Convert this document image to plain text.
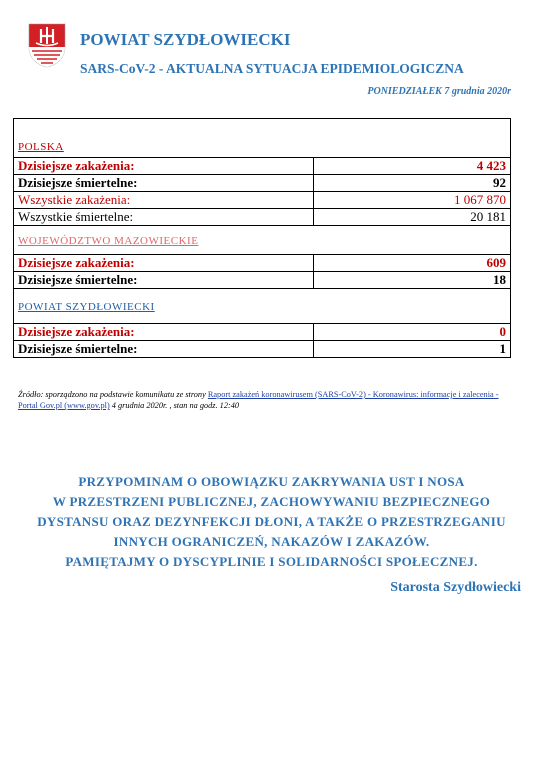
POWIAT SZYDŁOWIECKI
SARS-CoV-2 - AKTUALNA SYTUACJA EPIDEMIOLOGICZNA
PONIEDZIAŁEK 7 grudnia 2020r
POLSKA	
Dzisiejsze zakażenia:	4 423
Dzisiejsze śmiertelne:	92
Wszystkie zakażenia:	1 067 870
Wszystkie śmiertelne:	20 181
WOJEWÓDZTWO MAZOWIECKIE	
Dzisiejsze zakażenia:	609
Dzisiejsze śmiertelne:	18
POWIAT SZYDŁOWIECKI	
Dzisiejsze zakażenia:	0
Dzisiejsze śmiertelne:	1
Źródło: sporządzono na podstawie komunikatu ze strony Raport zakażeń koronawirusem (SARS-CoV-2) - Koronawirus: informacje i zalecenia - Portal Gov.pl (www.gov.pl) 4 grudnia 2020r. , stan na godz. 12:40
PRZYPOMINAM O OBOWIĄZKU ZAKRYWANIA UST I NOSA
W PRZESTRZENI PUBLICZNEJ, ZACHOWYWANIU BEZPIECZNEGO
DYSTANSU ORAZ DEZYNFEKCJI DŁONI, A TAKŻE O PRZESTRZEGANIU
INNYCH OGRANICZEŃ, NAKAZÓW I ZAKAZÓW.
PAMIĘTAJMY O DYSCYPLINIE I SOLIDARNOŚCI SPOŁECZNEJ.
Starosta Szydłowiecki
